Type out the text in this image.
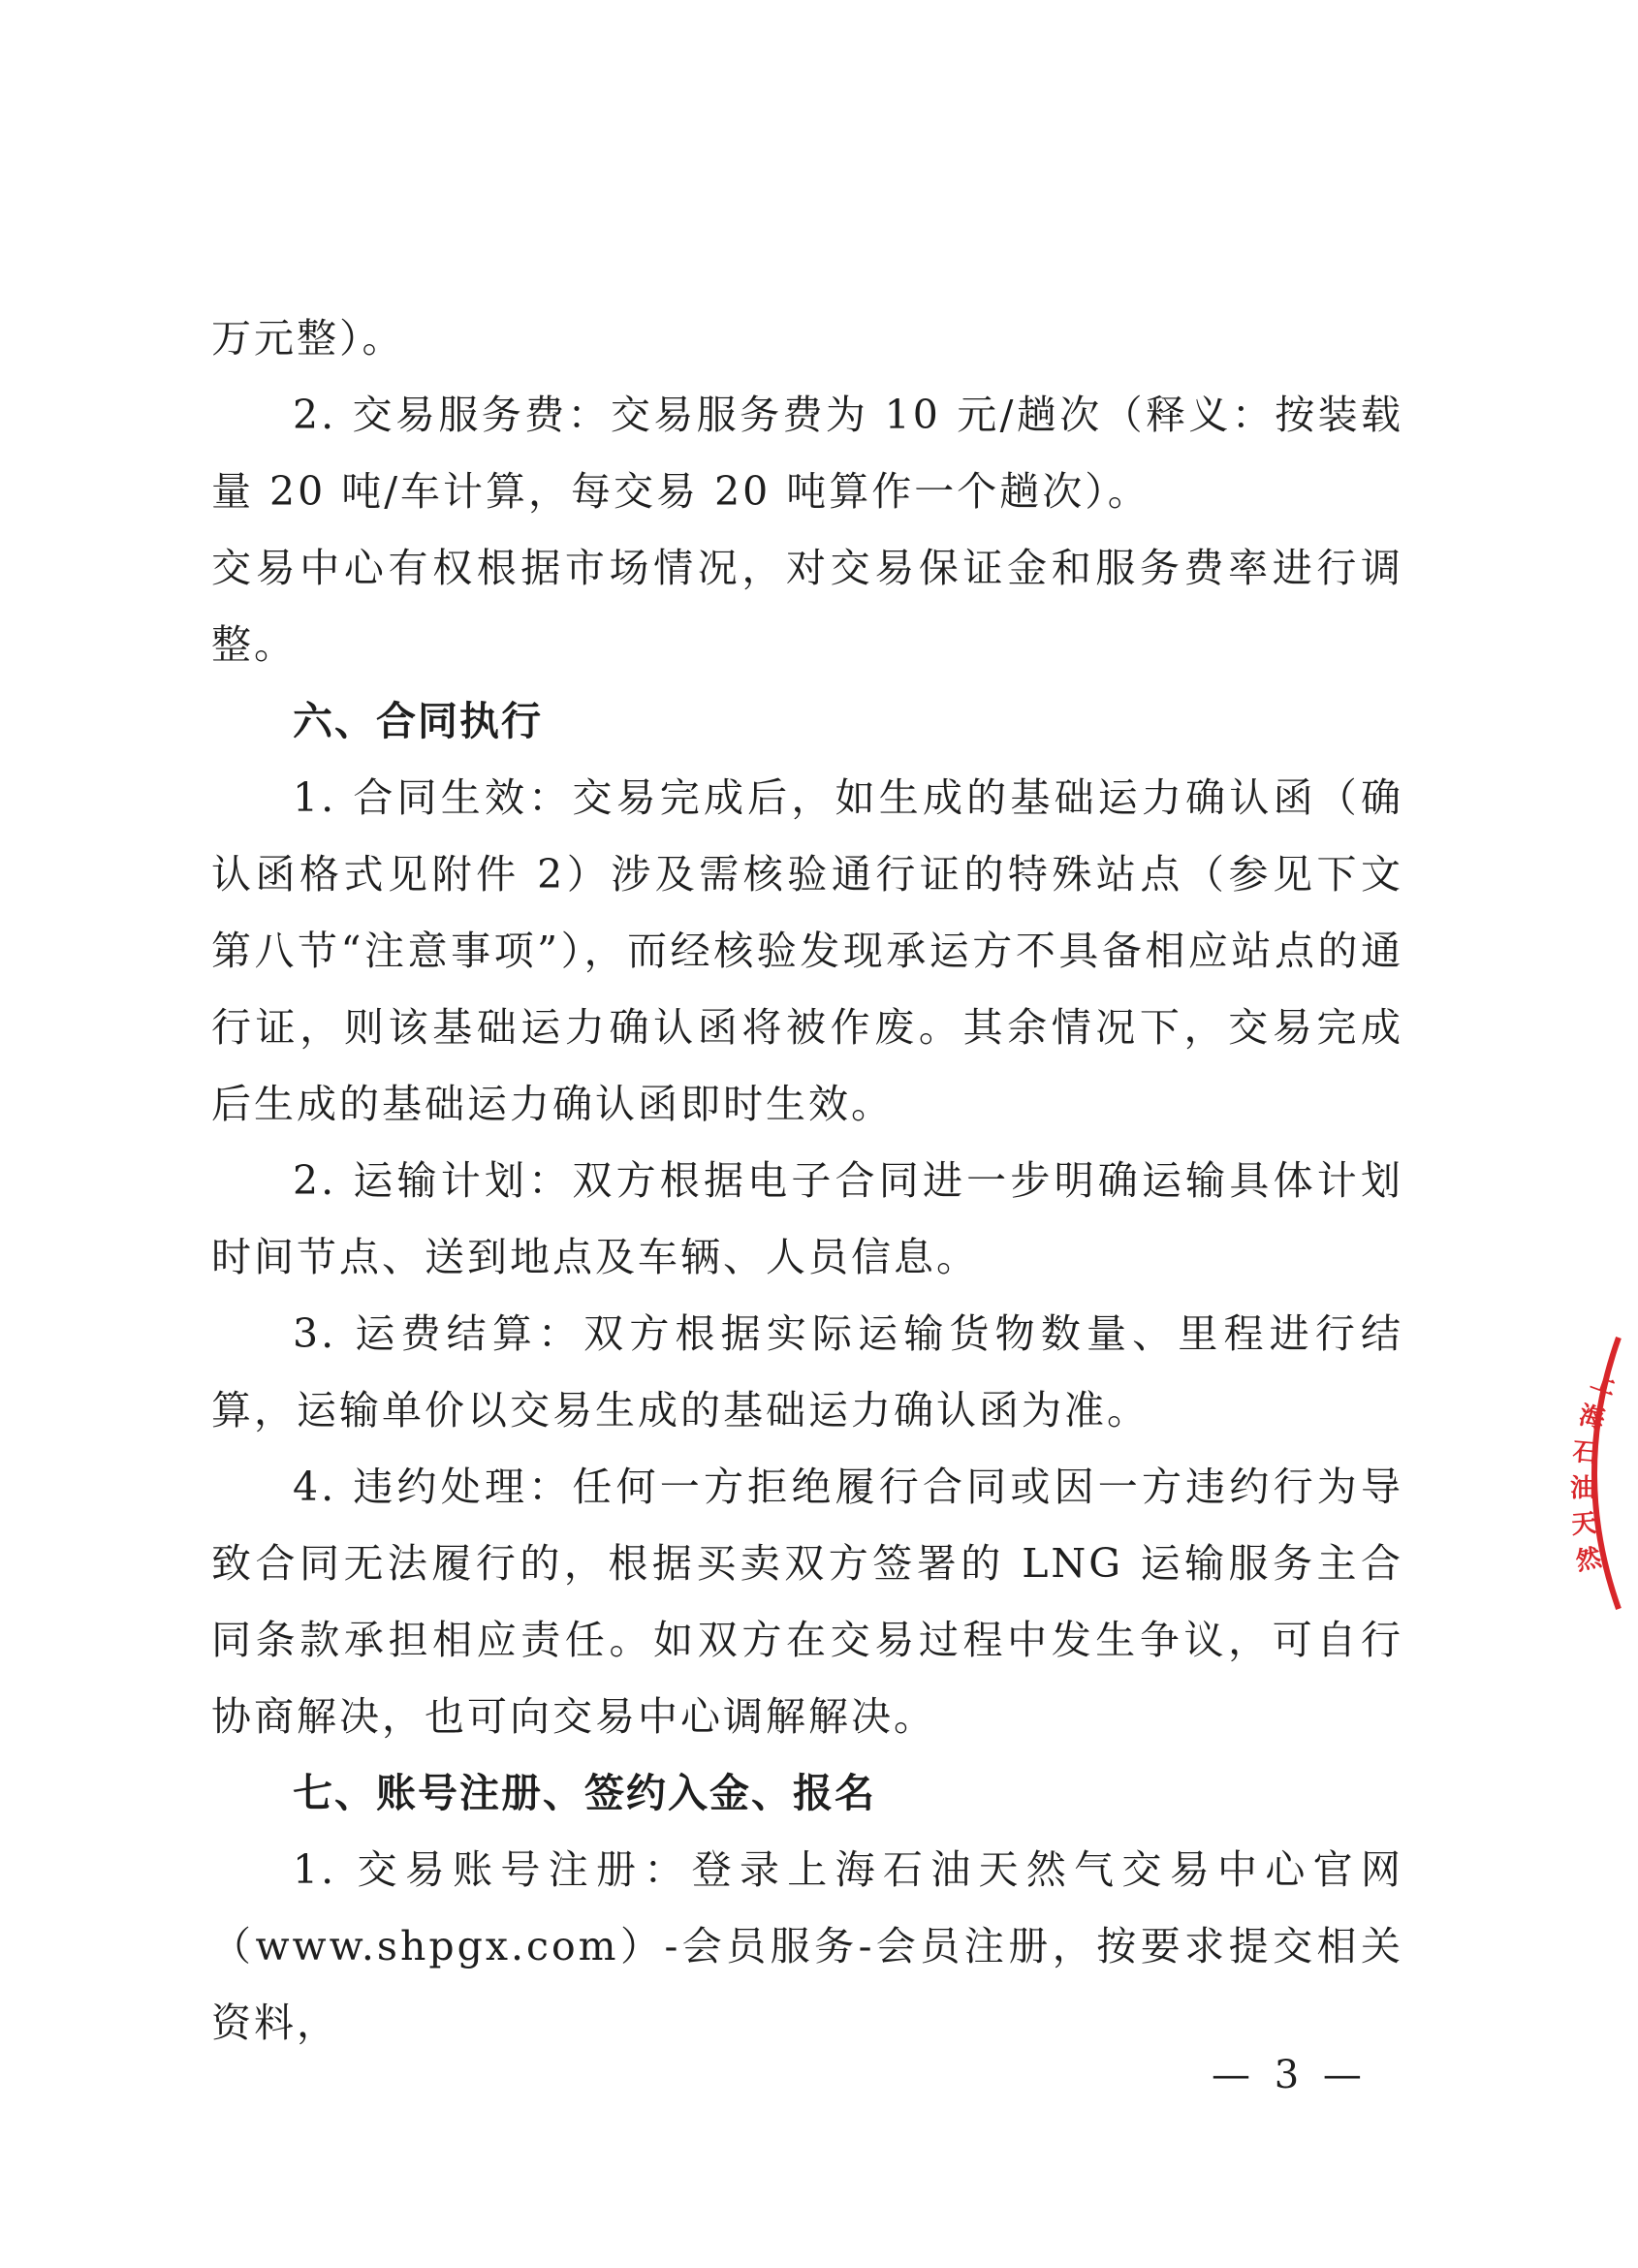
万元整）。

2. 交易服务费：交易服务费为 10 元/趟次（释义：按装载量 20 吨/车计算，每交易 20 吨算作一个趟次）。

交易中心有权根据市场情况，对交易保证金和服务费率进行调整。

六、合同执行

1. 合同生效：交易完成后，如生成的基础运力确认函（确认函格式见附件 2）涉及需核验通行证的特殊站点（参见下文第八节“注意事项”），而经核验发现承运方不具备相应站点的通行证，则该基础运力确认函将被作废。其余情况下，交易完成后生成的基础运力确认函即时生效。

2. 运输计划：双方根据电子合同进一步明确运输具体计划时间节点、送到地点及车辆、人员信息。

3. 运费结算：双方根据实际运输货物数量、里程进行结算，运输单价以交易生成的基础运力确认函为准。

4. 违约处理：任何一方拒绝履行合同或因一方违约行为导致合同无法履行的，根据买卖双方签署的 LNG 运输服务主合同条款承担相应责任。如双方在交易过程中发生争议，可自行协商解决，也可向交易中心调解解决。

七、账号注册、签约入金、报名

1. 交易账号注册：登录上海石油天然气交易中心官网（www.shpgx.com）-会员服务-会员注册，按要求提交相关资料，

— 3 —
上
海
石
油
天
然
